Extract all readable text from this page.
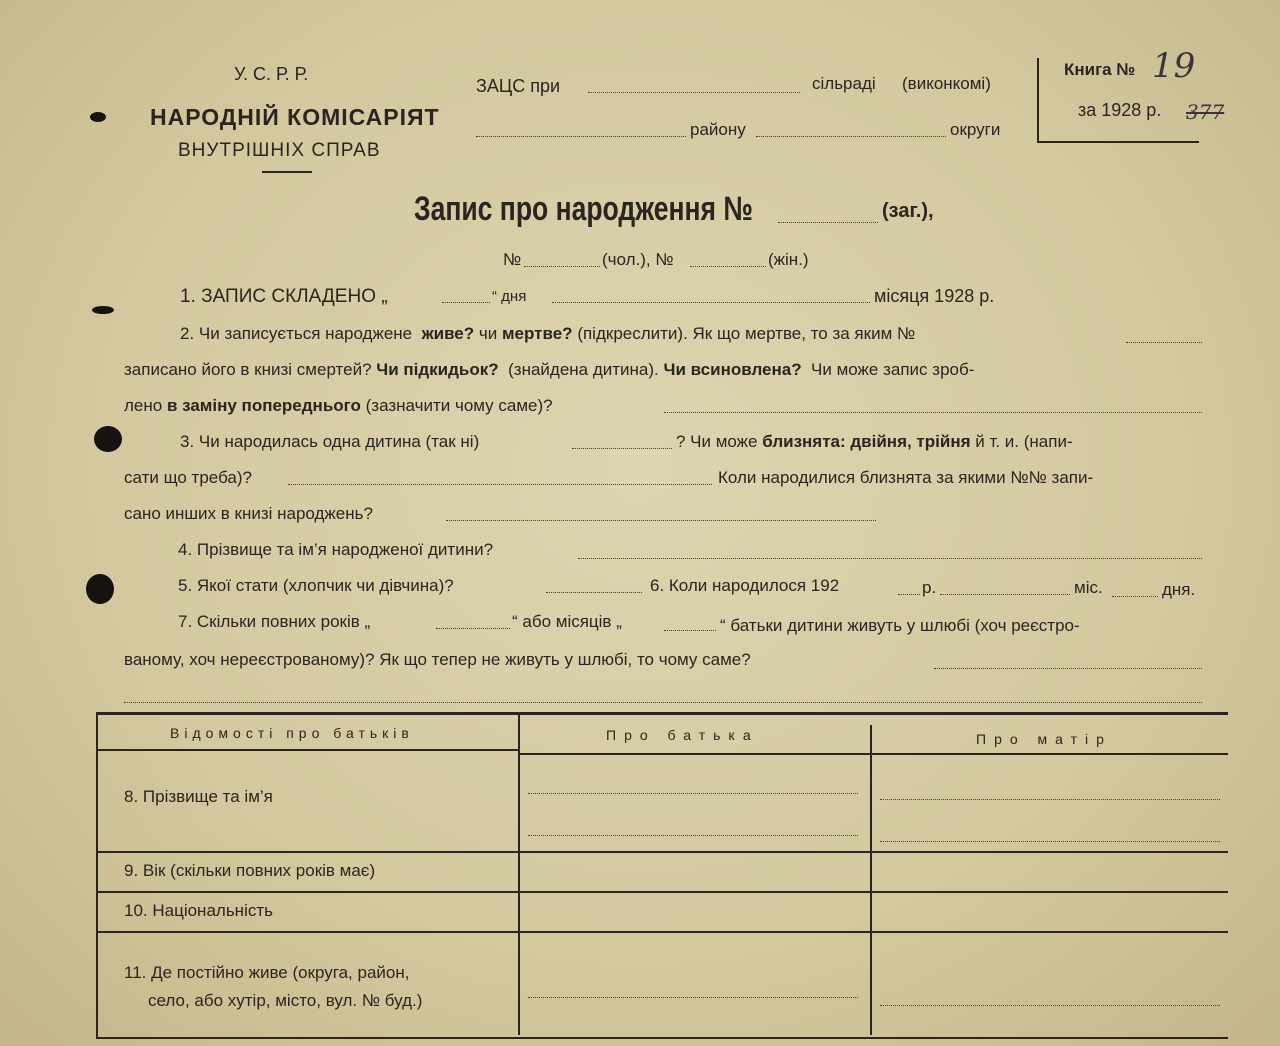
У. С. Р. Р.
НАРОДНІЙ КОМІСАРІЯТ
ВНУТРІШНІХ СПРАВ
ЗАЦС при	сільраді (виконкомі)
району	округи
Книга № 19
за 1928 р. 377
Запис про народження №	(заг.),
№	(чол.), №	(жін.)
1. ЗАПИС СКЛАДЕНО „	“ дня	місяця 1928 р.
2. Чи записується народжене живе? чи мертве? (підкреслити). Як що мертве, то за яким №
записано його в книзі смертей? Чи підкидьок? (знайдена дитина). Чи всиновлена? Чи може запис зроб-
лено в заміну попереднього (зазначити чому саме)?
3. Чи народилась одна дитина (так ні)	? Чи може близнята: двійня, трійня й т. и. (напи-
сати що треба)?	Коли народилися близнята за якими №№ запи-
сано инших в книзі народжень?
4. Прізвище та ім’я народженої дитини?
5. Якої стати (хлопчик чи дівчина)?	6. Коли народилося 192	р.	міс.	дня.
7. Скільки повних років „	“ або місяців „	“ батьки дитини живуть у шлюбі (хоч реєстро-
ваному, хоч нереєстрованому)? Як що тепер не живуть у шлюбі, то чому саме?
Відомості про батьків	Про батька	Про матір
8. Прізвище та ім’я
9. Вік (скільки повних років має)
10. Національність
11. Де постійно живе (округа, район,
село, або хутір, місто, вул. № буд.)
